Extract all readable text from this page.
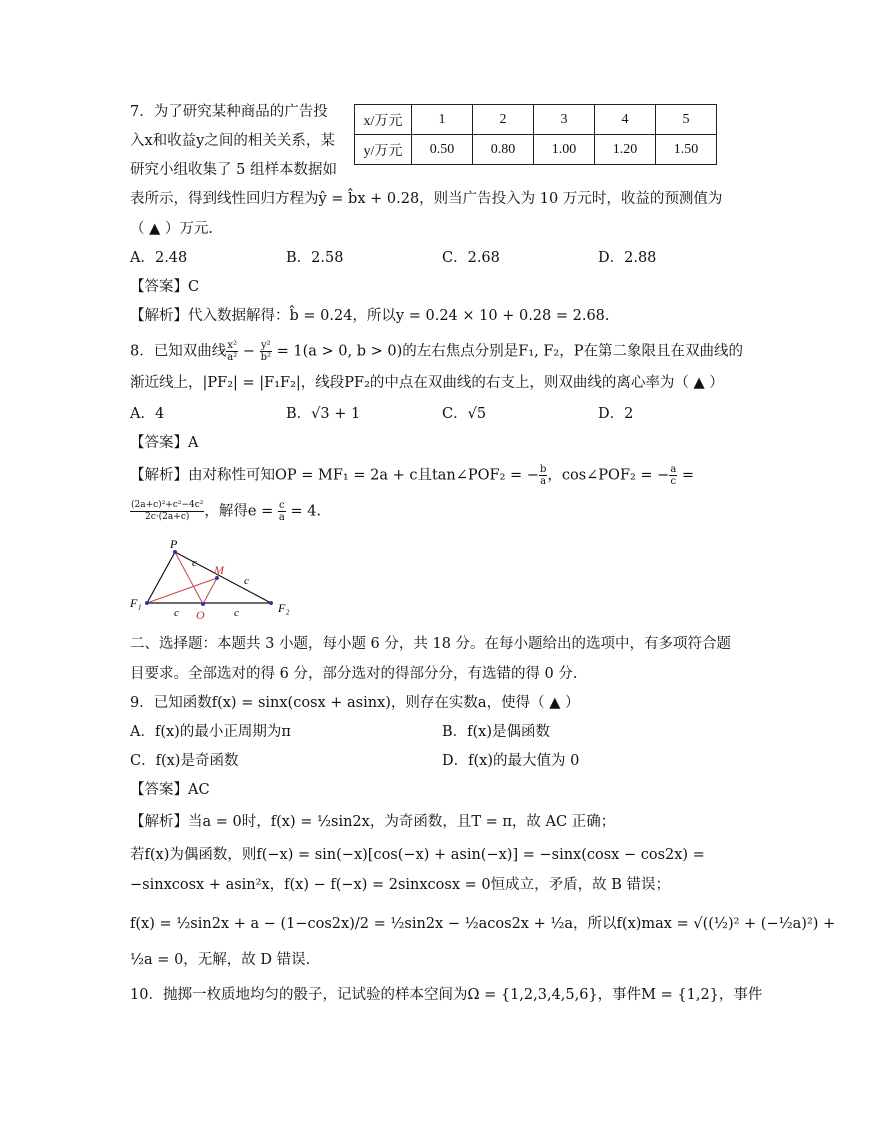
7．为了研究某种商品的广告投
入x和收益y之间的相关关系，某
研究小组收集了 5 组样本数据如
表所示，得到线性回归方程为ŷ = b̂x + 0.28，则当广告投入为 10 万元时，收益的预测值为
（ ▲ ）万元.
x/万元	1	2	3	4	5
y/万元	0.50	0.80	1.00	1.20	1.50
A．2.48	B．2.58	C．2.68	D．2.88
【答案】C
【解析】代入数据解得：b̂ = 0.24，所以y = 0.24 × 10 + 0.28 = 2.68.
8．已知双曲线 $\frac{\text{x²}}{\text{a²}} - \frac{\text{y²}}{\text{b²}} = 1(a > 0$, b > 0)的左右焦点分别是F₁, F₂，P在第二象限且在双曲线的
渐近线上，|PF₂| = |F₁F₂|，线段PF₂的中点在双曲线的右支上，则双曲线的离心率为（ ▲ ）
A．4	B．√3 + 1	C．√5	D．2
【答案】A
【解析】由对称性可知OP = MF₁ = 2a + c且tan∠POF₂ = − $\frac{b}{a}$ ，cos∠POF₂ = − $\frac{a}{c}$ =
$\frac{\text{(2a+c)²+c²−4c²}}{2c\cdot(2a+c)}$ ，解得$e = \frac{c}{a} = 4$.
P
M
O
F₁	F₂
c
c
c	c
二、选择题：本题共 3 小题，每小题 6 分，共 18 分。在每小题给出的选项中，有多项符合题
目要求。全部选对的得 6 分，部分选对的得部分分，有选错的得 0 分.
9．已知函数f(x) = sinx(cosx + asinx)，则存在实数a，使得（ ▲ ）
A．f(x)的最小正周期为π	B．f(x)是偶函数
C．f(x)是奇函数	D．f(x)的最大值为 0
【答案】AC
【解析】当a = 0时，f(x) = ½sin2x，为奇函数，且T = π，故 AC 正确；
若f(x)为偶函数，则f(−x) = sin(−x)[cos(−x) + asin(−x)] = −sinx(cosx − cos2x) =
−sinxcosx + asin²x，f(x) − f(−x) = 2sinxcosx = 0恒成立，矛盾，故 B 错误；
f(x) = ½sin2x + a − (1−cos2x)/2 = ½sin2x − ½acos2x + ½a，所以f(x)max = √((½)² + (−½a)²) +
½a = 0，无解，故 D 错误.
10．抛掷一枚质地均匀的骰子，记试验的样本空间为Ω = {1,2,3,4,5,6}，事件M = {1,2}，事件
